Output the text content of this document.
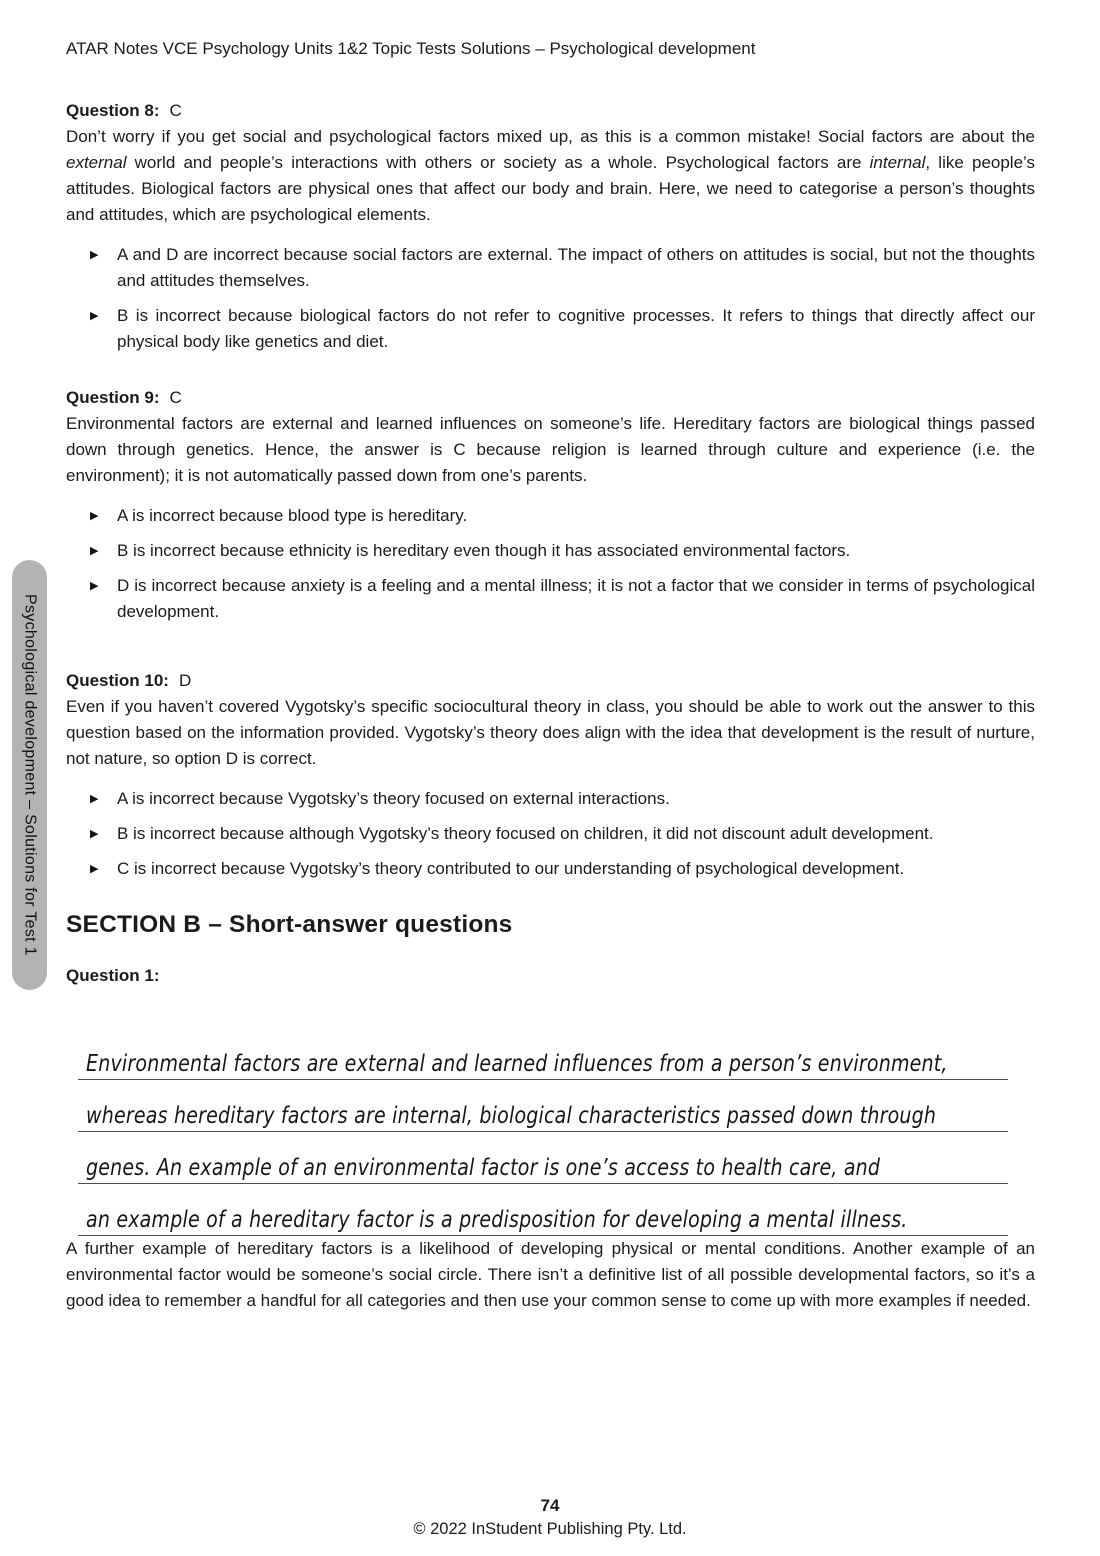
Psychological development – Solutions for Test 1
ATAR Notes VCE Psychology Units 1&2 Topic Tests Solutions – Psychological development
Question 8: C

Don’t worry if you get social and psychological factors mixed up, as this is a common mistake! Social factors are about the external world and people’s interactions with others or society as a whole. Psychological factors are internal, like people’s attitudes. Biological factors are physical ones that affect our body and brain. Here, we need to categorise a person’s thoughts and attitudes, which are psychological elements.

▶	A and D are incorrect because social factors are external. The impact of others on attitudes is social, but not the thoughts and attitudes themselves.
▶	B is incorrect because biological factors do not refer to cognitive processes. It refers to things that directly affect our physical body like genetics and diet.
Question 9: C

Environmental factors are external and learned influences on someone’s life. Hereditary factors are biological things passed down through genetics. Hence, the answer is C because religion is learned through culture and experience (i.e. the environment); it is not automatically passed down from one’s parents.

▶	A is incorrect because blood type is hereditary.
▶	B is incorrect because ethnicity is hereditary even though it has associated environmental factors.
▶	D is incorrect because anxiety is a feeling and a mental illness; it is not a factor that we consider in terms of psychological development.
Question 10: D

Even if you haven’t covered Vygotsky’s specific sociocultural theory in class, you should be able to work out the answer to this question based on the information provided. Vygotsky’s theory does align with the idea that development is the result of nurture, not nature, so option D is correct.

▶	A is incorrect because Vygotsky’s theory focused on external interactions.
▶	B is incorrect because although Vygotsky’s theory focused on children, it did not discount adult development.
▶	C is incorrect because Vygotsky’s theory contributed to our understanding of psychological development.
SECTION B – Short-answer questions
Question 1:
Environmental factors are external and learned influences from a person’s environment,
whereas hereditary factors are internal, biological characteristics passed down through
genes. An example of an environmental factor is one’s access to health care, and
an example of a hereditary factor is a predisposition for developing a mental illness.

A further example of hereditary factors is a likelihood of developing physical or mental conditions. Another example of an environmental factor would be someone’s social circle. There isn’t a definitive list of all possible developmental factors, so it’s a good idea to remember a handful for all categories and then use your common sense to come up with more examples if needed.

74
© 2022 InStudent Publishing Pty. Ltd.
